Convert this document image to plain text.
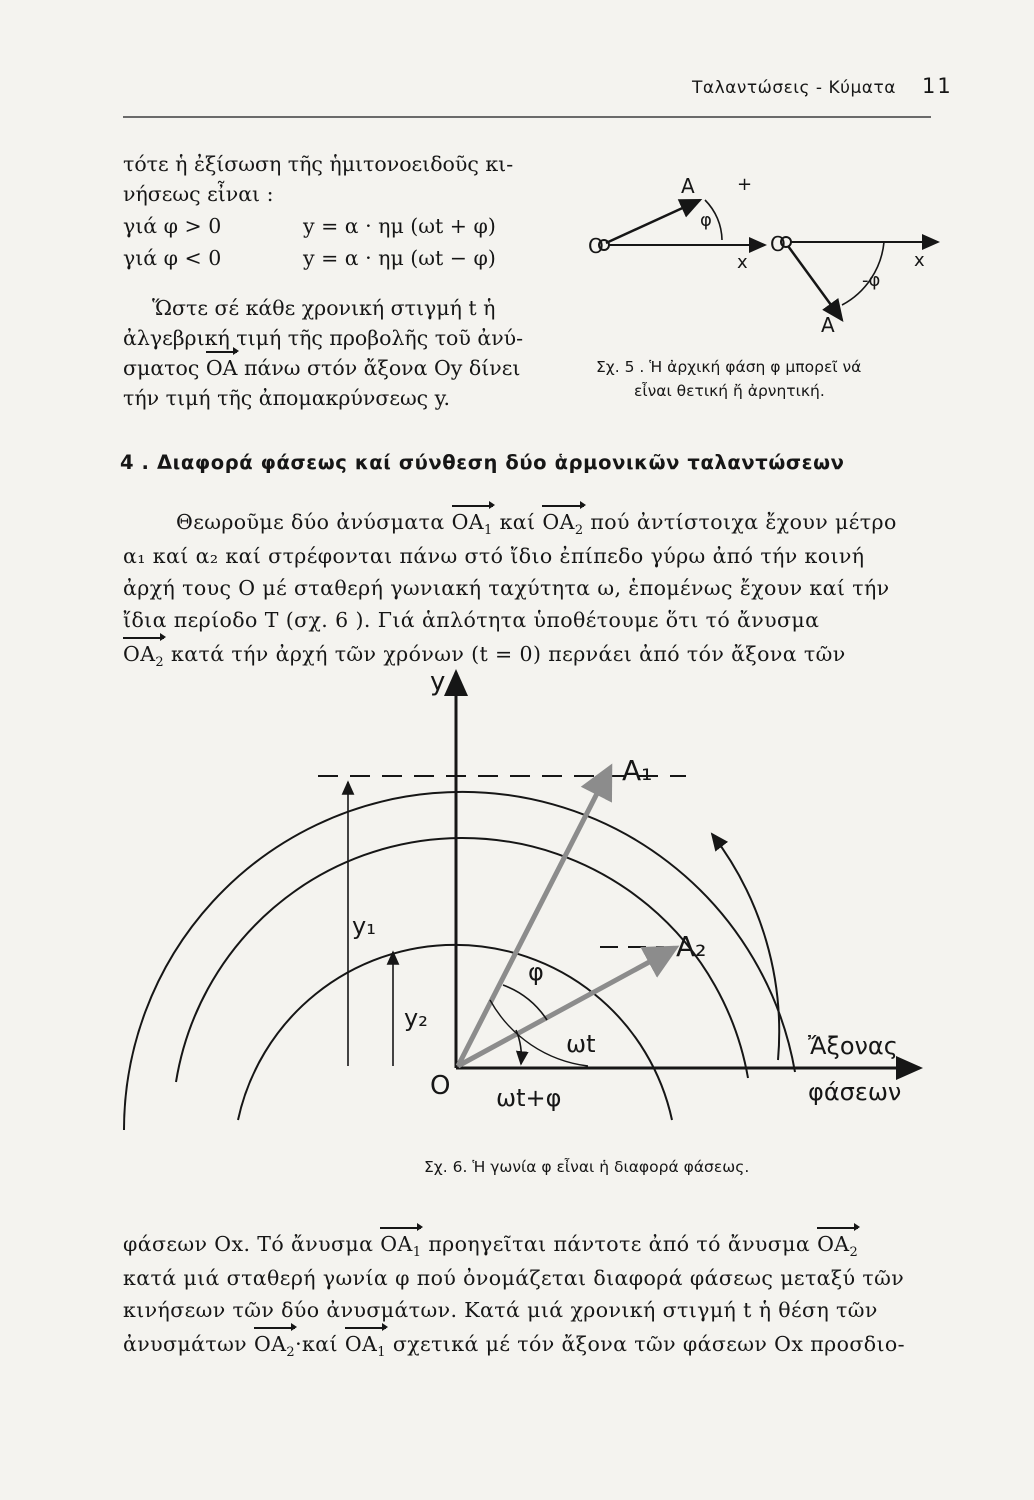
Ταλαντώσεις - Κύματα 11
τότε ἡ ἐξίσωση τῆς ἡμιτονοειδοῦς κι-
νήσεως εἶναι :
γιά φ > 0	y = α · ημ (ωt + φ)
γιά φ < 0	y = α · ημ (ωt − φ)
Ὥστε σέ κάθε χρονική στιγμή t ἡ
ἀλγεβρική τιμή τῆς προβολῆς τοῦ ἀνύ-
σματος OA πάνω στόν ἄξονα Oy δίνει
τήν τιμή τῆς ἀπομακρύνσεως y.
Σχ. 5 . Ἡ ἀρχική φάση φ μπορεῖ νά
εἶναι θετική ἤ ἀρνητική.
4 . Διαφορά φάσεως καί σύνθεση δύο ἁρμονικῶν ταλαντώσεων
Θεωροῦμε δύο ἀνύσματα $OA_1$ καί $OA_2$ πού ἀντίστοιχα ἔχουν μέτρο
α₁ καί α₂ καί στρέφονται πάνω στό ἴδιο ἐπίπεδο γύρω ἀπό τήν κοινή
ἀρχή τους O μέ σταθερή γωνιακή ταχύτητα ω, ἑπομένως ἔχουν καί τήν
ἴδια περίοδο T (σχ. 6 ). Γιά ἁπλότητα ὑποθέτουμε ὅτι τό ἄνυσμα
$OA_2$ κατά τήν ἀρχή τῶν χρόνων (t = 0) περνάει ἀπό τόν ἄξονα τῶν
Σχ. 6. Ἡ γωνία φ εἶναι ἡ διαφορά φάσεως.
φάσεων Ox. Τό ἄνυσμα $OA_1$ προηγεῖται πάντοτε ἀπό τό ἄνυσμα $OA_2$
κατά μιά σταθερή γωνία φ πού ὀνομάζεται διαφορά φάσεως μεταξύ τῶν
κινήσεων τῶν δύο ἀνυσμάτων. Κατά μιά χρονική στιγμή t ἡ θέση τῶν
ἀνυσμάτων $OA_2\cdot\kappa\alpha ί$ $OA_1$ σχετικά μέ τόν ἄξονα τῶν φάσεων Ox προσδιο-
O
A +
φ
x
O
A
-φ
x
y
A₁
A₂
y₁
y₂
O
φ
ωt
ωt+φ
Ἄξονας
φάσεων
